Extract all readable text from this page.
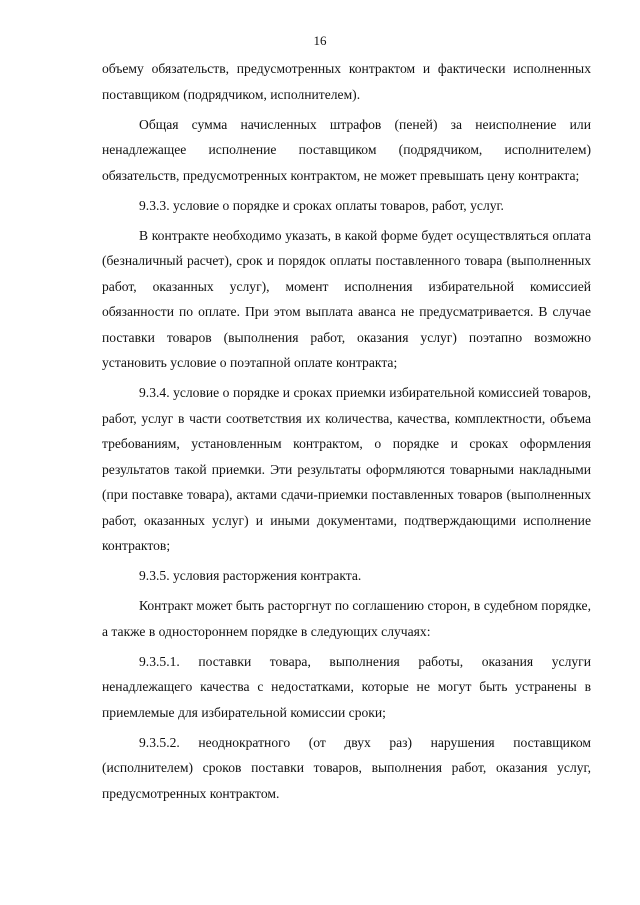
16

объему обязательств, предусмотренных контрактом и фактически исполненных поставщиком (подрядчиком, исполнителем).

Общая сумма начисленных штрафов (пеней) за неисполнение или ненадлежащее исполнение поставщиком (подрядчиком, исполнителем) обязательств, предусмотренных контрактом, не может превышать цену контракта;

9.3.3. условие о порядке и сроках оплаты товаров, работ, услуг.

В контракте необходимо указать, в какой форме будет осуществляться оплата (безналичный расчет), срок и порядок оплаты поставленного товара (выполненных работ, оказанных услуг), момент исполнения избирательной комиссией обязанности по оплате. При этом выплата аванса не предусматривается. В случае поставки товаров (выполнения работ, оказания услуг) поэтапно возможно установить условие о поэтапной оплате контракта;

9.3.4. условие о порядке и сроках приемки избирательной комиссией товаров, работ, услуг в части соответствия их количества, качества, комплектности, объема требованиям, установленным контрактом, о порядке и сроках оформления результатов такой приемки. Эти результаты оформляются товарными накладными (при поставке товара), актами сдачи-приемки поставленных товаров (выполненных работ, оказанных услуг) и иными документами, подтверждающими исполнение контрактов;

9.3.5. условия расторжения контракта.

Контракт может быть расторгнут по соглашению сторон, в судебном порядке, а также в одностороннем порядке в следующих случаях:

9.3.5.1. поставки товара, выполнения работы, оказания услуги ненадлежащего качества с недостатками, которые не могут быть устранены в приемлемые для избирательной комиссии сроки;

9.3.5.2. неоднократного (от двух раз) нарушения поставщиком (исполнителем) сроков поставки товаров, выполнения работ, оказания услуг, предусмотренных контрактом.
